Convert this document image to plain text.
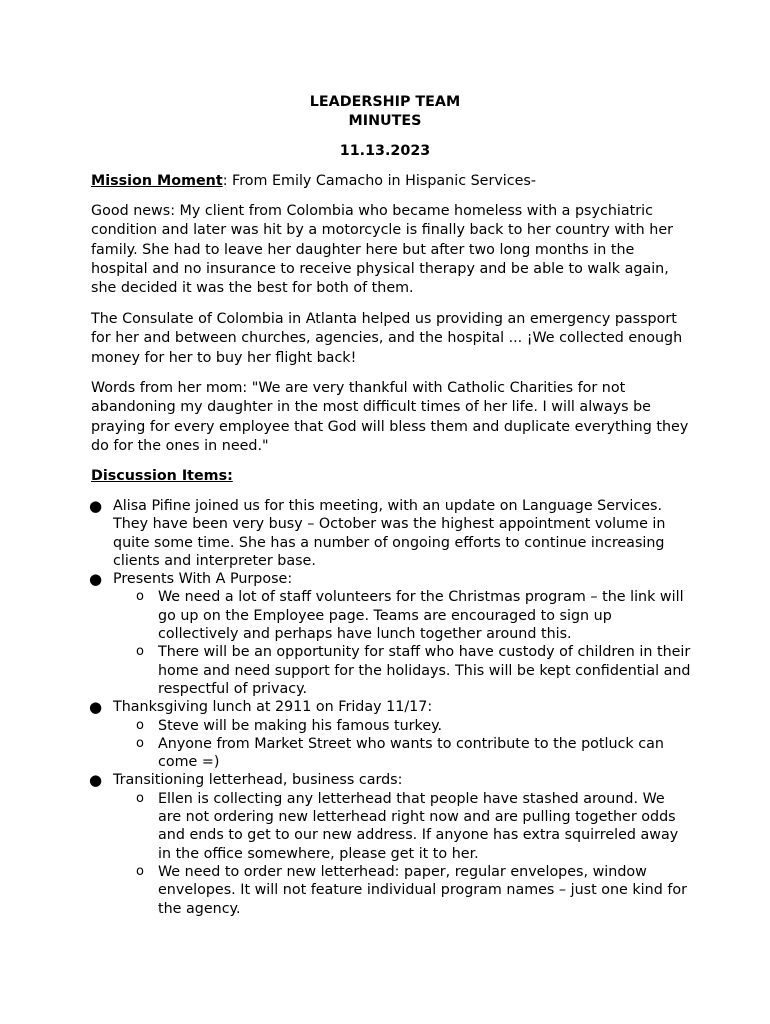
LEADERSHIP TEAM
MINUTES
11.13.2023

Mission Moment: From Emily Camacho in Hispanic Services-

Good news: My client from Colombia who became homeless with a psychiatric condition and later was hit by a motorcycle is finally back to her country with her family. She had to leave her daughter here but after two long months in the hospital and no insurance to receive physical therapy and be able to walk again, she decided it was the best for both of them.

The Consulate of Colombia in Atlanta helped us providing an emergency passport for her and between churches, agencies, and the hospital ... ¡We collected enough money for her to buy her flight back!

Words from her mom: "We are very thankful with Catholic Charities for not abandoning my daughter in the most difficult times of her life. I will always be praying for every employee that God will bless them and duplicate everything they do for the ones in need."

Discussion Items:

● Alisa Pifine joined us for this meeting, with an update on Language Services. They have been very busy – October was the highest appointment volume in quite some time. She has a number of ongoing efforts to continue increasing clients and interpreter base.
● Presents With A Purpose:
o We need a lot of staff volunteers for the Christmas program – the link will go up on the Employee page. Teams are encouraged to sign up collectively and perhaps have lunch together around this.
o There will be an opportunity for staff who have custody of children in their home and need support for the holidays. This will be kept confidential and respectful of privacy.
● Thanksgiving lunch at 2911 on Friday 11/17:
o Steve will be making his famous turkey.
o Anyone from Market Street who wants to contribute to the potluck can come =)
● Transitioning letterhead, business cards:
o Ellen is collecting any letterhead that people have stashed around. We are not ordering new letterhead right now and are pulling together odds and ends to get to our new address. If anyone has extra squirreled away in the office somewhere, please get it to her.
o We need to order new letterhead: paper, regular envelopes, window envelopes. It will not feature individual program names – just one kind for the agency.
